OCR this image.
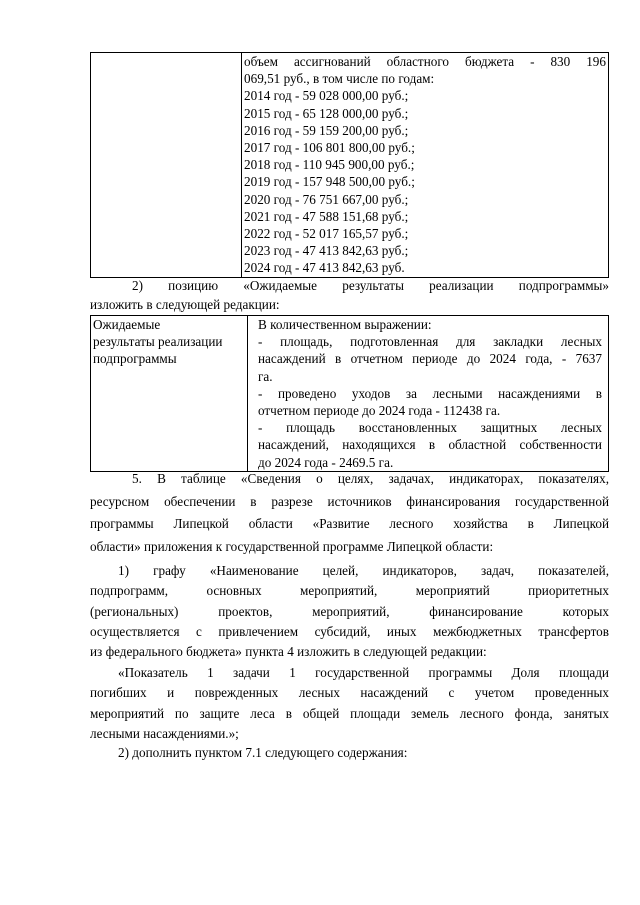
объем ассигнований областного бюджета - 830 196
069,51 руб., в том числе по годам:
2014 год - 59 028 000,00 руб.;
2015 год - 65 128 000,00 руб.;
2016 год - 59 159 200,00 руб.;
2017 год - 106 801 800,00 руб.;
2018 год - 110 945 900,00 руб.;
2019 год - 157 948 500,00 руб.;
2020 год - 76 751 667,00 руб.;
2021 год - 47 588 151,68 руб.;
2022 год - 52 017 165,57 руб.;
2023 год - 47 413 842,63 руб.;
2024 год - 47 413 842,63 руб.
2) позицию «Ожидаемые результаты реализации подпрограммы»
изложить в следующей редакции:
Ожидаемые
результаты реализации
подпрограммы

В количественном выражении:
- площадь, подготовленная для закладки лесных
насаждений в отчетном периоде до 2024 года, - 7637
га.
- проведено уходов за лесными насаждениями в
отчетном периоде до 2024 года - 112438 га.
- площадь восстановленных защитных лесных
насаждений, находящихся в областной собственности
до 2024 года - 2469.5 га.
5. В таблице «Сведения о целях, задачах, индикаторах, показателях,
ресурсном обеспечении в разрезе источников финансирования государственной
программы Липецкой области «Развитие лесного хозяйства в Липецкой
области» приложения к государственной программе Липецкой области:
1) графу «Наименование целей, индикаторов, задач, показателей,
подпрограмм, основных мероприятий, мероприятий приоритетных
(региональных) проектов, мероприятий, финансирование которых
осуществляется с привлечением субсидий, иных межбюджетных трансфертов
из федерального бюджета» пункта 4 изложить в следующей редакции:
«Показатель 1 задачи 1 государственной программы Доля площади
погибших и поврежденных лесных насаждений с учетом проведенных
мероприятий по защите леса в общей площади земель лесного фонда, занятых
лесными насаждениями.»;
2) дополнить пунктом 7.1 следующего содержания:
